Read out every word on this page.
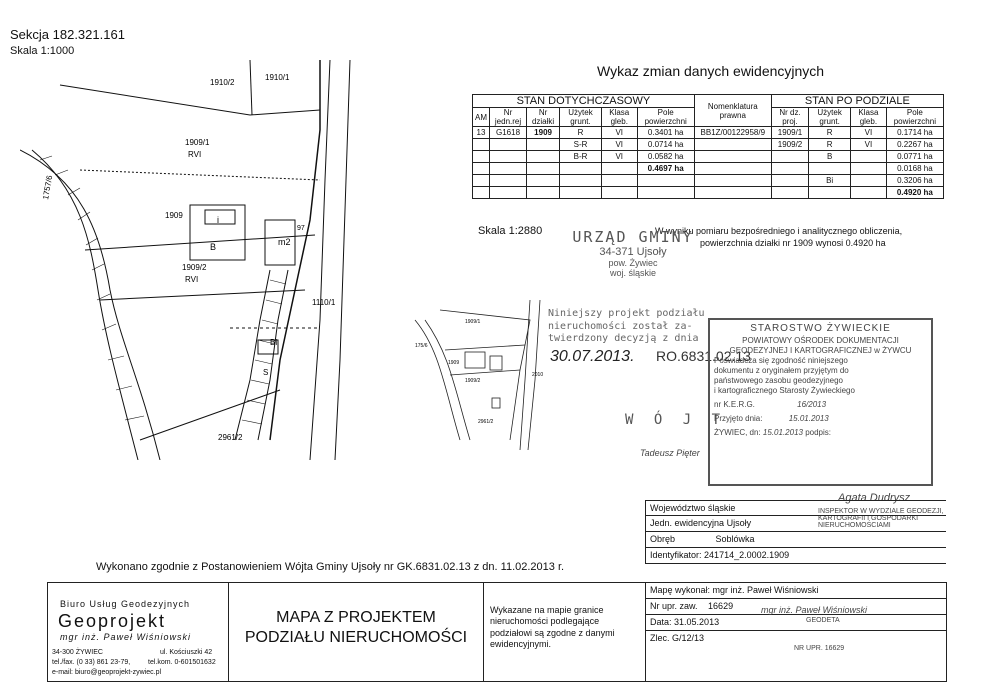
Sekcja 182.321.161
Skala 1:1000
Wykaz zmian danych ewidencyjnych
1910/2
1910/1
1909/1
RVI
1909
1909/2
RVI
1757/6
1110/1
2961/2
i
B	m2
Bi
S
97
STAN DOTYCHCZASOWY						Nomenklatura prawna	STAN PO PODZIALE			
AM	Nr jedn.rej	Nr działki	Użytek grunt.	Klasa gleb.	Pole powierzchni		Nr dz. proj.	Użytek grunt.	Klasa gleb.	Pole powierzchni
13	G1618	1909	R	VI	0.3401 ha	BB1Z/00122958/9	1909/1	R	VI	0.1714 ha
			S-R	VI	0.0714 ha		1909/2	R	VI	0.2267 ha
			B-R	VI	0.0582 ha			B		0.0771 ha
					0.4697 ha					0.0168 ha
								Bi		0.3206 ha
										0.4920 ha
W wyniku pomiaru bezpośredniego i analitycznego obliczenia,
powierzchnia działki nr 1909 wynosi 0.4920 ha
Skala 1:2880	URZĄD GMINY
34-371 Ujsoły
pow. Żywiec
woj. śląskie
1909/1
1909/2
175/6
2961/2
2010
1909
Niniejszy projekt podziału
nieruchomości został za-
twierdzony decyzją z dnia
30.07.2013. RO.6831.02.13
W Ó J T
Tadeusz Pięter
STAROSTWO ŻYWIECKIE
POWIATOWY OŚRODEK DOKUMENTACJI
GEODEZYJNEJ I KARTOGRAFICZNEJ w ŻYWCU
Poświadcza się zgodność niniejszego
dokumentu z oryginałem przyjętym do
państwowego zasobu geodezyjnego
i kartograficznego Starosty Żywieckiego
nr K.E.R.G.	16/2013
Przyjęto dnia:	15.01.2013
ŻYWIEC, dn: 15.01.2013 podpis:
Agata Dudrysz
INSPEKTOR W WYDZIALE GEODEZJI, KARTOGRAFII I GOSPODARKI NIERUCHOMOŚCIAMI
Wykonano zgodnie z Postanowieniem Wójta Gminy Ujsoły nr GK.6831.02.13 z dn. 11.02.2013 r.
Województwo śląskie
Jedn. ewidencyjna Ujsoły
Obręb	Soblówka
Identyfikator: 241714_2.0002.1909
Biuro Usług Geodezyjnych
Geoprojekt
mgr inż. Paweł Wiśniowski
34-300 ŻYWIEC	ul. Kościuszki 42
tel./fax. (0 33) 861 23-79,	tel.kom. 0-601501632
e-mail: biuro@geoprojekt-zywiec.pl
MAPA Z PROJEKTEM
PODZIAŁU NIERUCHOMOŚCI
Wykazane na mapie granice nieruchomości podlegające podziałowi są zgodne z danymi ewidencyjnymi.
Mapę wykonał: mgr inż. Paweł Wiśniowski
Nr upr. zaw. 16629
Data: 31.05.2013
Zlec. G/12/13
mgr inż. Paweł Wiśniowski
GEODETA
NR UPR. 16629
